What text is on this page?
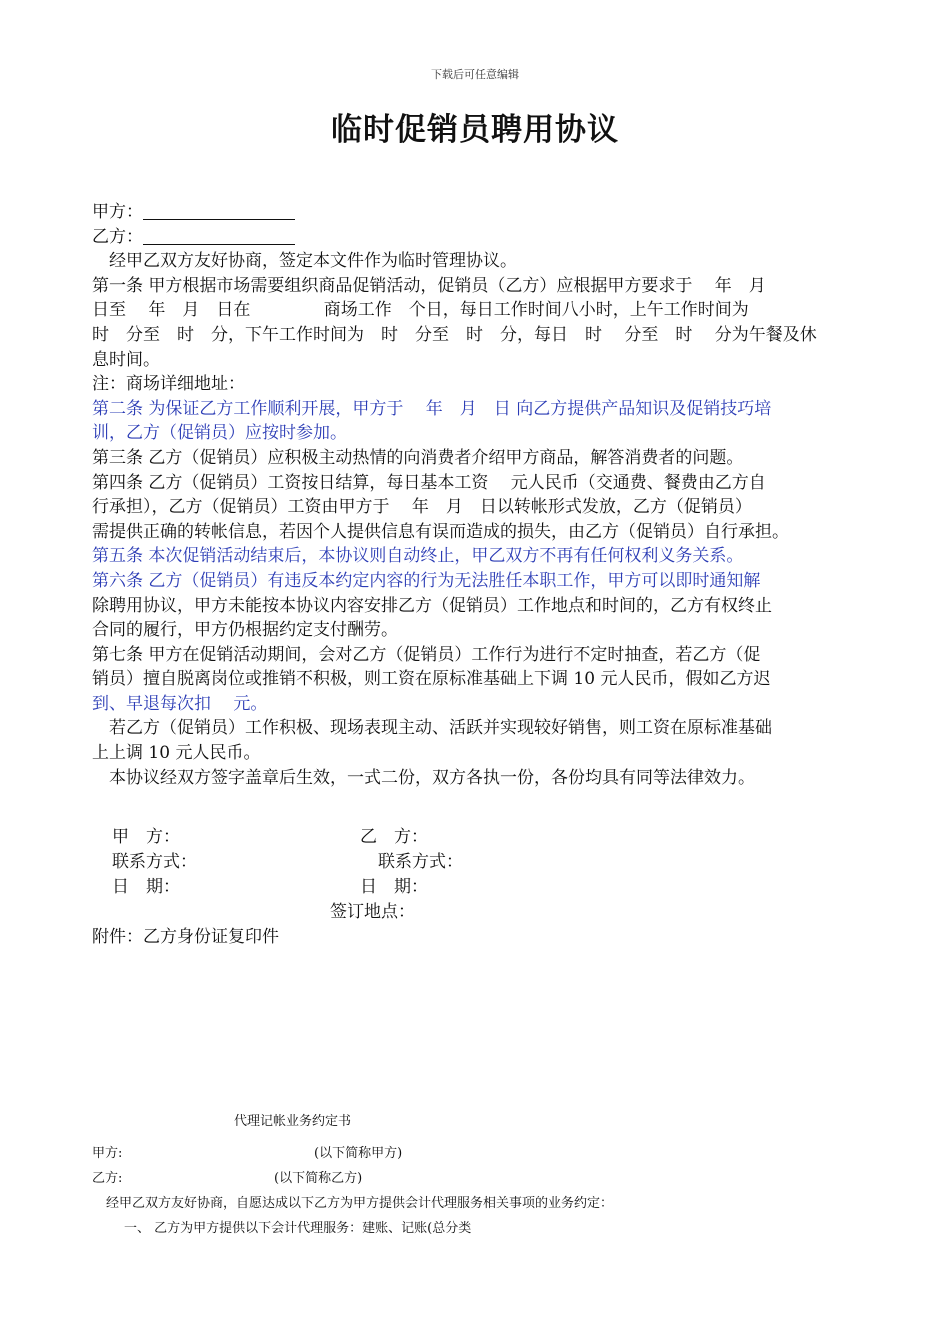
下载后可任意编辑
临时促销员聘用协议
甲方：
乙方：
　经甲乙双方友好协商，签定本文件作为临时管理协议。
第一条 甲方根据市场需要组织商品促销活动，促销员（乙方）应根据甲方要求于　 年　月
日至　 年　月　日在　　　　 商场工作　个日，每日工作时间八小时，上午工作时间为
时　分至　时　分，下午工作时间为　时　分至　时　分，每日　时　 分至　时　 分为午餐及休
息时间。
注：商场详细地址：
第二条 为保证乙方工作顺利开展，甲方于　 年　月　日 向乙方提供产品知识及促销技巧培
训，乙方（促销员）应按时参加。
第三条 乙方（促销员）应积极主动热情的向消费者介绍甲方商品，解答消费者的问题。
第四条 乙方（促销员）工资按日结算，每日基本工资　 元人民币（交通费、餐费由乙方自
行承担），乙方（促销员）工资由甲方于　 年　月　日以转帐形式发放，乙方（促销员）
需提供正确的转帐信息，若因个人提供信息有误而造成的损失，由乙方（促销员）自行承担。
第五条 本次促销活动结束后，本协议则自动终止，甲乙双方不再有任何权利义务关系。
第六条 乙方（促销员）有违反本约定内容的行为无法胜任本职工作，甲方可以即时通知解
除聘用协议，甲方未能按本协议内容安排乙方（促销员）工作地点和时间的，乙方有权终止
合同的履行，甲方仍根据约定支付酬劳。
第七条 甲方在促销活动期间，会对乙方（促销员）工作行为进行不定时抽查，若乙方（促
销员）擅自脱离岗位或推销不积极，则工资在原标准基础上下调 10 元人民币，假如乙方迟
到、早退每次扣　 元。
　若乙方（促销员）工作积极、现场表现主动、活跃并实现较好销售，则工资在原标准基础
上上调 10 元人民币。
　本协议经双方签字盖章后生效，一式二份，双方各执一份，各份均具有同等法律效力。
甲　方：	乙　方：
联系方式：	联系方式：
日　期：	日　期：
签订地点：
附件：乙方身份证复印件
代理记帐业务约定书
甲方:	(以下简称甲方)
乙方:	(以下简称乙方)
经甲乙双方友好协商，自愿达成以下乙方为甲方提供会计代理服务相关事项的业务约定：
一、 乙方为甲方提供以下会计代理服务：建账、记账(总分类
